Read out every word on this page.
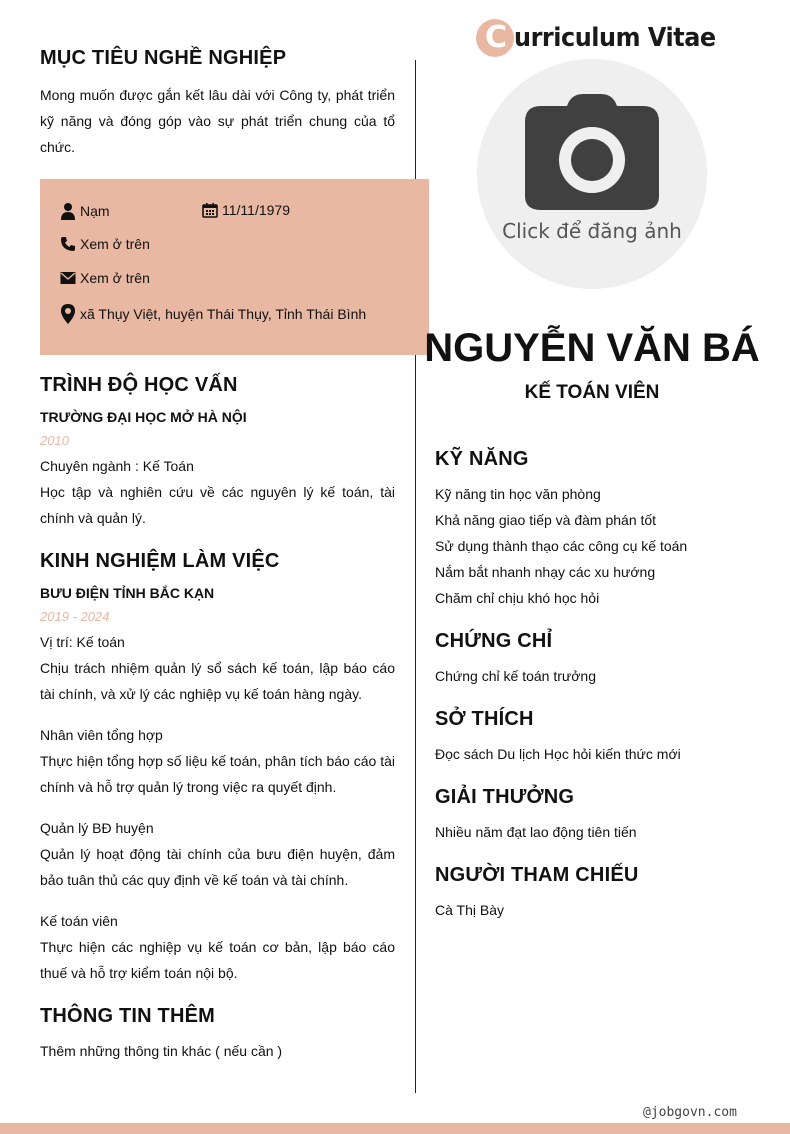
C urriculum Vitae
Click để đăng ảnh
MỤC TIÊU NGHỀ NGHIỆP
Mong muốn được gắn kết lâu dài với Công ty, phát triển kỹ năng và đóng góp vào sự phát triển chung của tổ chức.
Nạm	11/11/1979
Xem ở trên
Xem ở trên
xã Thụy Việt, huyện Thái Thụy, Tỉnh Thái Bình
TRÌNH ĐỘ HỌC VẤN
TRƯỜNG ĐẠI HỌC MỞ HÀ NỘI
2010
Chuyên ngành : Kế Toán
Học tập và nghiên cứu về các nguyên lý kế toán, tài chính và quản lý.
KINH NGHIỆM LÀM VIỆC
BƯU ĐIỆN TỈNH BẮC KẠN
2019 - 2024
Vị trí: Kế toán
Chịu trách nhiệm quản lý sổ sách kế toán, lập báo cáo tài chính, và xử lý các nghiệp vụ kế toán hàng ngày.
Nhân viên tổng hợp
Thực hiện tổng hợp số liệu kế toán, phân tích báo cáo tài chính và hỗ trợ quản lý trong việc ra quyết định.
Quản lý BĐ huyện
Quản lý hoạt động tài chính của bưu điện huyện, đảm bảo tuân thủ các quy định về kế toán và tài chính.
Kế toán viên
Thực hiện các nghiệp vụ kế toán cơ bản, lập báo cáo thuế và hỗ trợ kiểm toán nội bộ.
THÔNG TIN THÊM
Thêm những thông tin khác ( nếu cần )
NGUYỄN VĂN BÁ
KẾ TOÁN VIÊN
KỸ NĂNG
Kỹ năng tin học văn phòng
Khả năng giao tiếp và đàm phán tốt
Sử dụng thành thạo các công cụ kế toán
Nắm bắt nhanh nhạy các xu hướng
Chăm chỉ chịu khó học hỏi
CHỨNG CHỈ
Chứng chỉ kế toán trưởng
SỞ THÍCH
Đọc sách Du lịch Học hỏi kiến thức mới
GIẢI THƯỞNG
Nhiều năm đạt lao động tiên tiến
NGƯỜI THAM CHIẾU
Cà Thị Bày
@jobgovn.com
